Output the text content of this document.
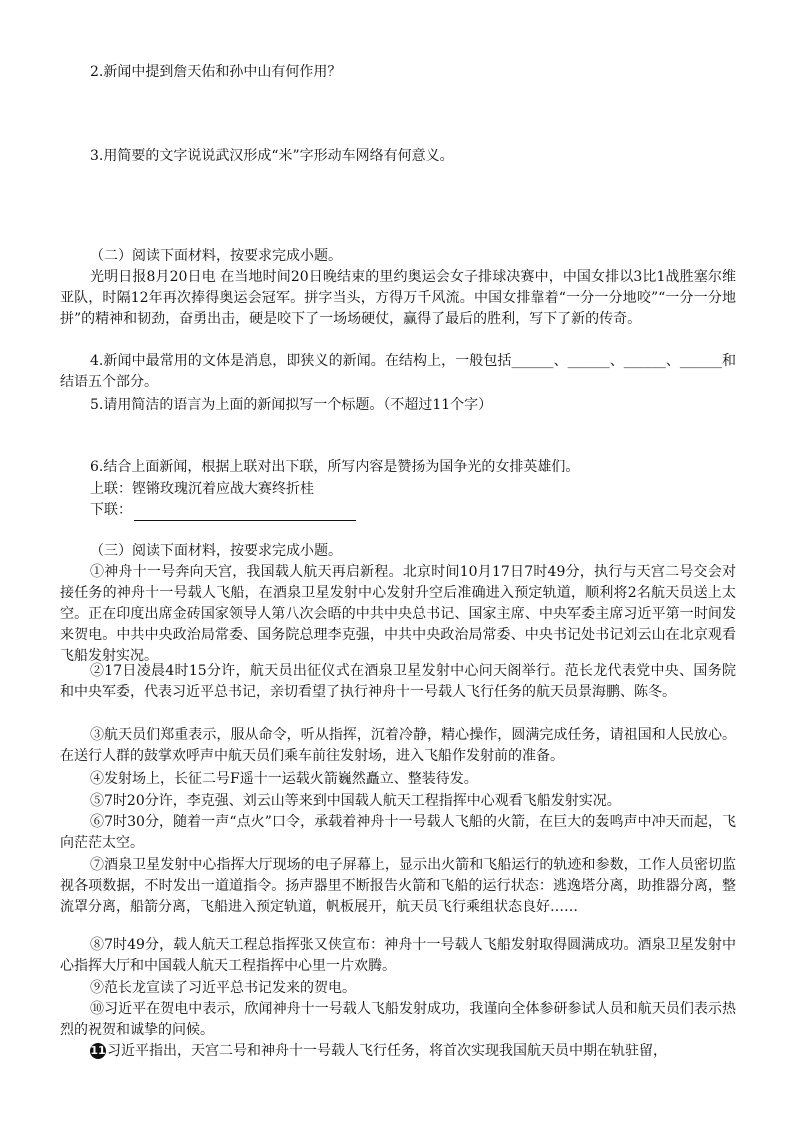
2.新闻中提到詹天佑和孙中山有何作用？
3.用简要的文字说说武汉形成“米”字形动车网络有何意义。
（二）阅读下面材料，按要求完成小题。

光明日报8月20日电 在当地时间20日晚结束的里约奥运会女子排球决赛中，中国女排以3比1战胜塞尔维亚队，时隔12年再次捧得奥运会冠军。拼字当头，方得万千风流。中国女排靠着“一分一分地咬”“一分一分地拼”的精神和韧劲，奋勇出击，硬是咬下了一场场硬仗，赢得了最后的胜利，写下了新的传奇。

4.新闻中最常用的文体是消息，即狭义的新闻。在结构上，一般包括______、______、______、______和结语五个部分。

5.请用简洁的语言为上面的新闻拟写一个标题。（不超过11个字）
6.结合上面新闻，根据上联对出下联，所写内容是赞扬为国争光的女排英雄们。
上联：铿锵玫瑰沉着应战大赛终折桂
下联：
（三）阅读下面材料，按要求完成小题。

①神舟十一号奔向天宫，我国载人航天再启新程。北京时间10月17日7时49分，执行与天宫二号交会对接任务的神舟十一号载人飞船，在酒泉卫星发射中心发射升空后准确进入预定轨道，顺利将2名航天员送上太空。正在印度出席金砖国家领导人第八次会晤的中共中央总书记、国家主席、中央军委主席习近平第一时间发来贺电。中共中央政治局常委、国务院总理李克强，中共中央政治局常委、中央书记处书记刘云山在北京观看飞船发射实况。

②17日凌晨4时15分许，航天员出征仪式在酒泉卫星发射中心问天阁举行。范长龙代表党中央、国务院和中央军委，代表习近平总书记，亲切看望了执行神舟十一号载人飞行任务的航天员景海鹏、陈冬。

③航天员们郑重表示，服从命令，听从指挥，沉着冷静，精心操作，圆满完成任务，请祖国和人民放心。在送行人群的鼓掌欢呼声中航天员们乘车前往发射场，进入飞船作发射前的准备。

④发射场上，长征二号F遥十一运载火箭巍然矗立、整装待发。

⑤7时20分许，李克强、刘云山等来到中国载人航天工程指挥中心观看飞船发射实况。

⑥7时30分，随着一声“点火”口令，承载着神舟十一号载人飞船的火箭，在巨大的轰鸣声中冲天而起，飞向茫茫太空。

⑦酒泉卫星发射中心指挥大厅现场的电子屏幕上，显示出火箭和飞船运行的轨迹和参数，工作人员密切监视各项数据，不时发出一道道指令。扬声器里不断报告火箭和飞船的运行状态：逃逸塔分离，助推器分离，整流罩分离，船箭分离，飞船进入预定轨道，帆板展开，航天员飞行乘组状态良好……

⑧7时49分，载人航天工程总指挥张又侠宣布：神舟十一号载人飞船发射取得圆满成功。酒泉卫星发射中心指挥大厅和中国载人航天工程指挥中心里一片欢腾。

⑨范长龙宣读了习近平总书记发来的贺电。

⑩习近平在贺电中表示，欣闻神舟十一号载人飞船发射成功，我谨向全体参研参试人员和航天员们表示热烈的祝贺和诚挚的问候。

11习近平指出，天宫二号和神舟十一号载人飞行任务，将首次实现我国航天员中期在轨驻留，
